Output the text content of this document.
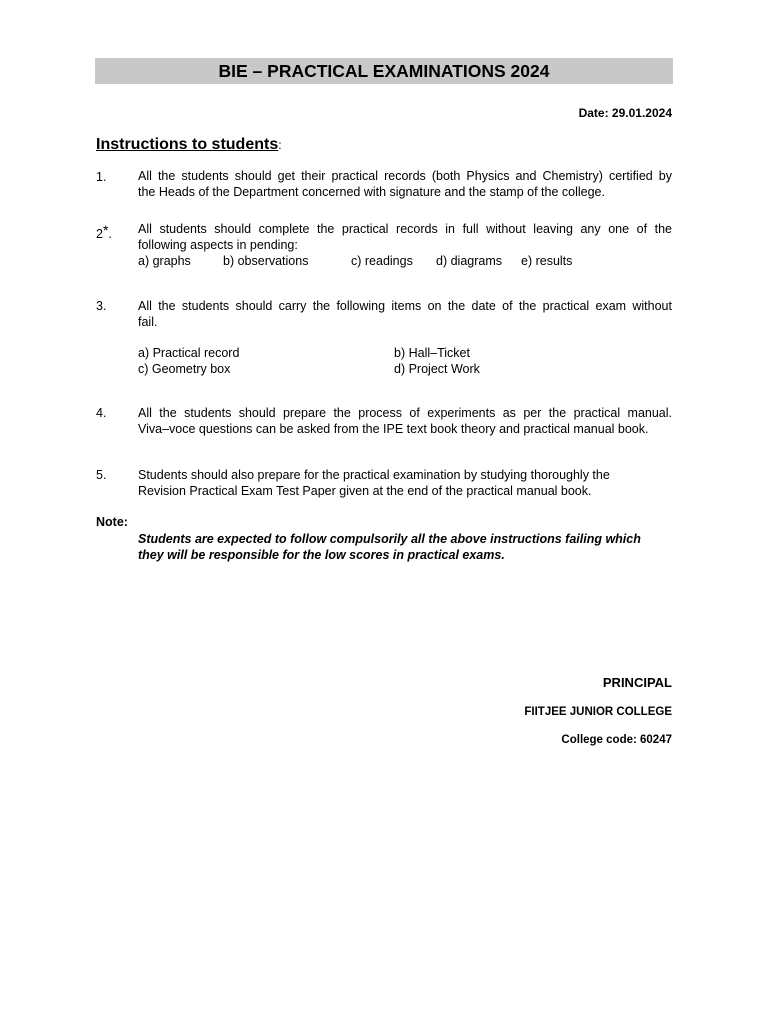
BIE – PRACTICAL EXAMINATIONS 2024
Date: 29.01.2024
Instructions to students:
1.	All the students should get their practical records (both Physics and Chemistry) certified by
the Heads of the Department concerned with signature and the stamp of the college.
2*. All students should complete the practical records in full without leaving any one of the
following aspects in pending:
a) graphs	b) observations	c) readings d) diagrams e) results
3.	All the students should carry the following items on the date of the practical exam without
fail.
a) Practical record	b) Hall–Ticket
c) Geometry box	d) Project Work
4.	All the students should prepare the process of experiments as per the practical manual.
Viva–voce questions can be asked from the IPE text book theory and practical manual book.
5.	Students should also prepare for the practical examination by studying thoroughly the
Revision Practical Exam Test Paper given at the end of the practical manual book.
Note:
Students are expected to follow compulsorily all the above instructions failing which
they will be responsible for the low scores in practical exams.
PRINCIPAL
FIITJEE JUNIOR COLLEGE
College code: 60247
